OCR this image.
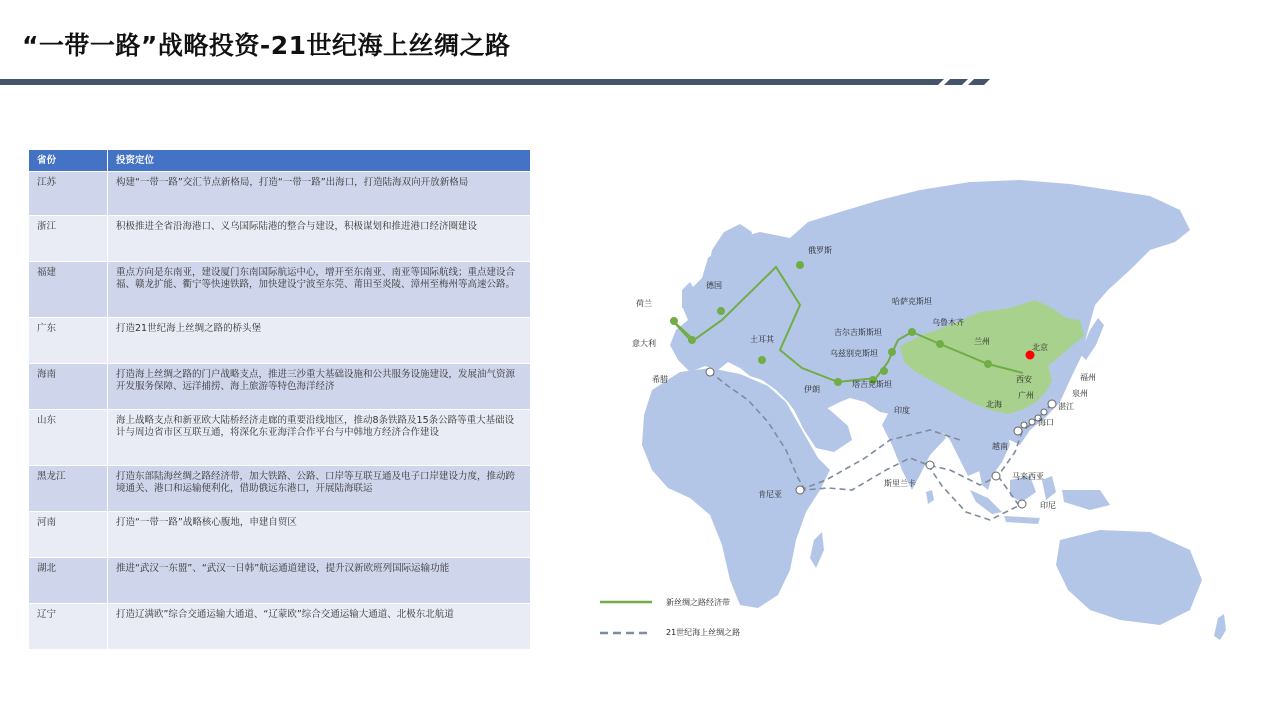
“一带一路”战略投资-21世纪海上丝绸之路
省份	投资定位
江苏	构建“一带一路”交汇节点新格局，打造“一带一路”出海口，打造陆海双向开放新格局
浙江	积极推进全省沿海港口、义乌国际陆港的整合与建设，积极谋划和推进港口经济圈建设
福建	重点方向是东南亚，建设厦门东南国际航运中心，增开至东南亚、南亚等国际航线；重点建设合福、赣龙扩能、衢宁等快速铁路，加快建设宁波至东莞、莆田至炎陵、漳州至梅州等高速公路。
广东	打造21世纪海上丝绸之路的桥头堡
海南	打造海上丝绸之路的门户战略支点，推进三沙重大基础设施和公共服务设施建设，发展油气资源开发服务保障、远洋捕捞、海上旅游等特色海洋经济
山东	海上战略支点和新亚欧大陆桥经济走廊的重要沿线地区，推动8条铁路及15条公路等重大基础设计与周边省市区互联互通，将深化东亚海洋合作平台与中韩地方经济合作建设
黑龙江	打造东部陆海丝绸之路经济带，加大铁路、公路、口岸等互联互通及电子口岸建设力度，推动跨境通关、港口和运输便利化，借助俄远东港口，开展陆海联运
河南	打造“一带一路”战略核心腹地，申建自贸区
湖北	推进“武汉一东盟”、“武汉一日韩”航运通道建设，提升汉新欧班列国际运输功能
辽宁	打造辽满欧”综合交通运输大通道、“辽蒙欧”综合交通运输大通道、北极东北航道
俄罗斯
德国
荷兰
意大利
希腊
土耳其
伊朗
哈萨克斯坦
吉尔吉斯斯坦
乌兹别克斯坦
塔吉克斯坦
乌鲁木齐
兰州
北京
西安	福州
泉州
广州
湛江
北海
海口
越南
印度
斯里兰卡
马来西亚
印尼
肯尼亚
新丝绸之路经济带
21世纪海上丝绸之路
